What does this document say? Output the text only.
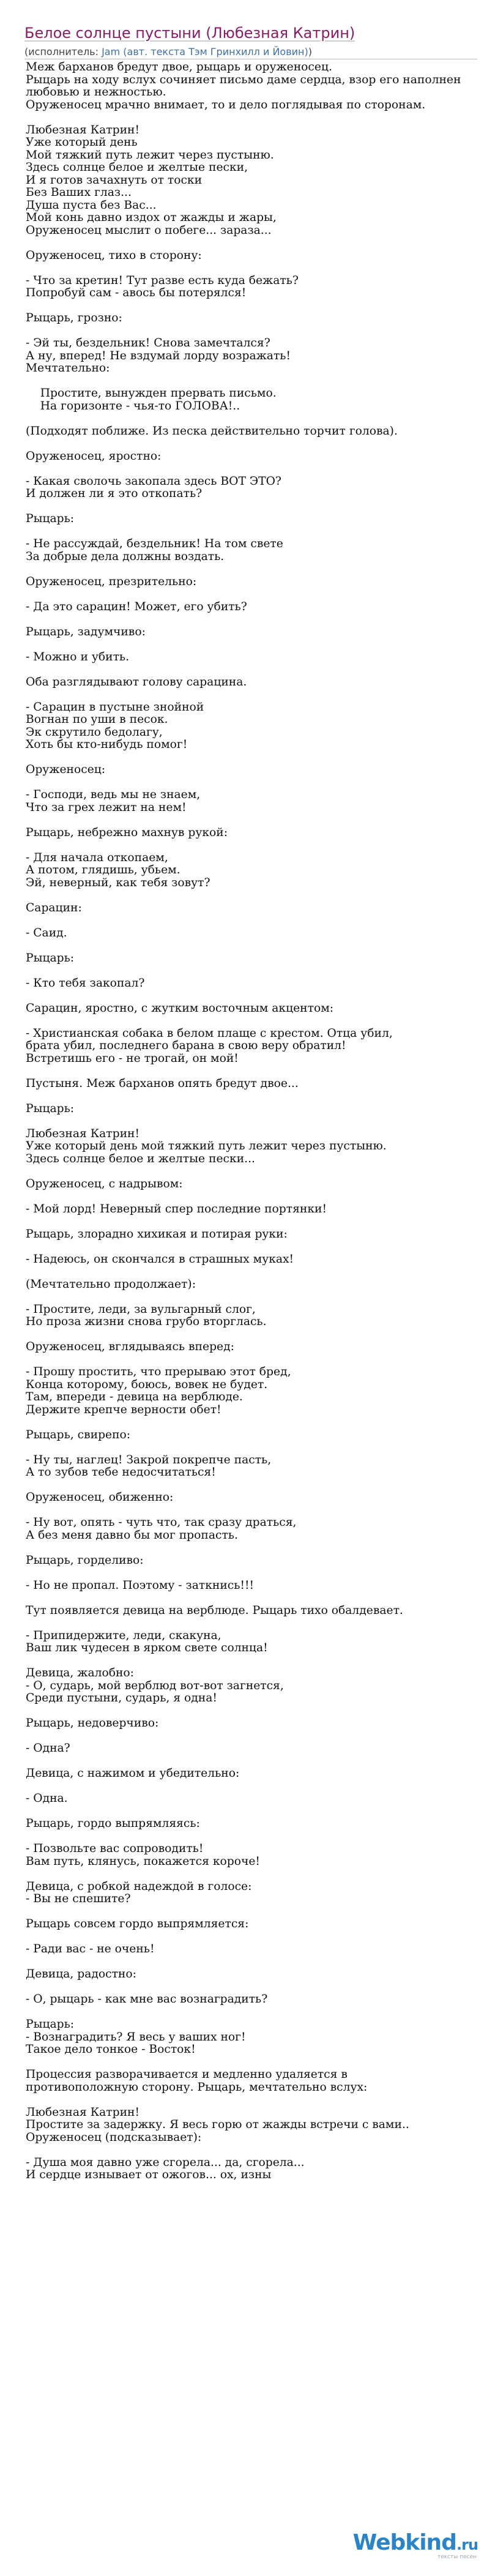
Белое солнце пустыни (Любезная Катрин)
(исполнитель: Jam (авт. текста Тэм Гринхилл и Йовин))
Меж барханов бредут двое, рыцарь и оруженосец.
Рыцарь на ходу вслух сочиняет письмо даме сердца, взор его наполнен
любовью и нежностью.
Оруженосец мрачно внимает, то и дело поглядывая по сторонам.

Любезная Катрин!
Уже который день
Мой тяжкий путь лежит через пустыню.
Здесь солнце белое и желтые пески,
И я готов зачахнуть от тоски
Без Ваших глаз...
Душа пуста без Вас...
Мой конь давно издох от жажды и жары,
Оруженосец мыслит о побеге... зараза...

Оруженосец, тихо в сторону:

- Что за кретин! Тут разве есть куда бежать?
Попробуй сам - авось бы потерялся!

Рыцарь, грозно:

- Эй ты, бездельник! Снова замечтался?
А ну, вперед! Не вздумай лорду возражать!
Мечтательно:

Простите, вынужден прервать письмо.
На горизонте - чья-то ГОЛОВА!..

(Подходят поближе. Из песка действительно торчит голова).

Оруженосец, яростно:

- Какая сволочь закопала здесь ВОТ ЭТО?
И должен ли я это откопать?

Рыцарь:

- Не рассуждай, бездельник! На том свете
За добрые дела должны воздать.

Оруженосец, презрительно:

- Да это сарацин! Может, его убить?

Рыцарь, задумчиво:

- Можно и убить.

Оба разглядывают голову сарацина.

- Сарацин в пустыне знойной
Вогнан по уши в песок.
Эк скрутило бедолагу,
Хоть бы кто-нибудь помог!

Оруженосец:

- Господи, ведь мы не знаем,
Что за грех лежит на нем!

Рыцарь, небрежно махнув рукой:

- Для начала откопаем,
А потом, глядишь, убьем.
Эй, неверный, как тебя зовут?

Сарацин:

- Саид.

Рыцарь:

- Кто тебя закопал?

Сарацин, яростно, с жутким восточным акцентом:

- Христианская собака в белом плаще с крестом. Отца убил,
брата убил, последнего барана в свою веру обратил!
Встретишь его - не трогай, он мой!

Пустыня. Меж барханов опять бредут двое...

Рыцарь:

Любезная Катрин!
Уже который день мой тяжкий путь лежит через пустыню.
Здесь солнце белое и желтые пески...

Оруженосец, с надрывом:

- Мой лорд! Неверный спер последние портянки!

Рыцарь, злорадно хихикая и потирая руки:

- Надеюсь, он скончался в страшных муках!

(Мечтательно продолжает):

- Простите, леди, за вульгарный слог,
Но проза жизни снова грубо вторглась.

Оруженосец, вглядываясь вперед:

- Прошу простить, что прерываю этот бред,
Конца которому, боюсь, вовек не будет.
Там, впереди - девица на верблюде.
Держите крепче верности обет!

Рыцарь, свирепо:

- Ну ты, наглец! Закрой покрепче пасть,
А то зубов тебе недосчитаться!

Оруженосец, обиженно:

- Ну вот, опять - чуть что, так сразу драться,
А без меня давно бы мог пропасть.

Рыцарь, горделиво:

- Но не пропал. Поэтому - заткнись!!!

Тут появляется девица на верблюде. Рыцарь тихо обалдевает.

- Припидержите, леди, скакуна,
Ваш лик чудесен в ярком свете солнца!

Девица, жалобно:
- О, сударь, мой верблюд вот-вот загнется,
Среди пустыни, сударь, я одна!

Рыцарь, недоверчиво:

- Одна?

Девица, с нажимом и убедительно:

- Одна.

Рыцарь, гордо выпрямляясь:

- Позвольте вас сопроводить!
Вам путь, клянусь, покажется короче!

Девица, с робкой надеждой в голосе:
- Вы не спешите?

Рыцарь совсем гордо выпрямляется:

- Ради вас - не очень!

Девица, радостно:

- О, рыцарь - как мне вас вознаградить?

Рыцарь:
- Вознаградить? Я весь у ваших ног!
Такое дело тонкое - Восток!

Процессия разворачивается и медленно удаляется в
противоположную сторону. Рыцарь, мечтательно вслух:

Любезная Катрин!
Простите за задержку. Я весь горю от жажды встречи с вами..
Оруженосец (подсказывает):

- Душа моя давно уже сгорела... да, сгорела...
И сердце изнывает от ожогов... ох, изны
Webkind.ru
тексты песен
